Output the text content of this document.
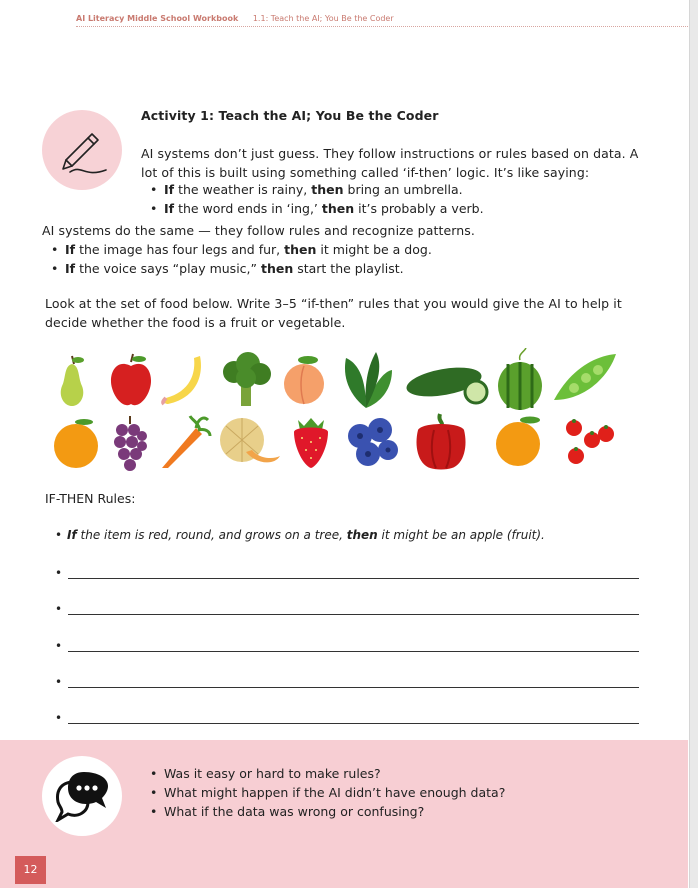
AI Literacy Middle School Workbook 1.1: Teach the AI; You Be the Coder
Activity 1: Teach the AI; You Be the Coder
AI systems don’t just guess. They follow instructions or rules based on data. A lot of this is built using something called ‘if-then’ logic. It’s like saying:
• If the weather is rainy, then bring an umbrella.
• If the word ends in ‘ing,’ then it’s probably a verb.
AI systems do the same — they follow rules and recognize patterns.
• If the image has four legs and fur, then it might be a dog.
• If the voice says “play music,” then start the playlist.
Look at the set of food below. Write 3–5 “if-then” rules that you would give the AI to help it decide whether the food is a fruit or vegetable.
IF-THEN Rules:
• If the item is red, round, and grows on a tree, then it might be an apple (fruit).
•
•
•
•
•
• Was it easy or hard to make rules?
• What might happen if the AI didn’t have enough data?
• What if the data was wrong or confusing?
12
